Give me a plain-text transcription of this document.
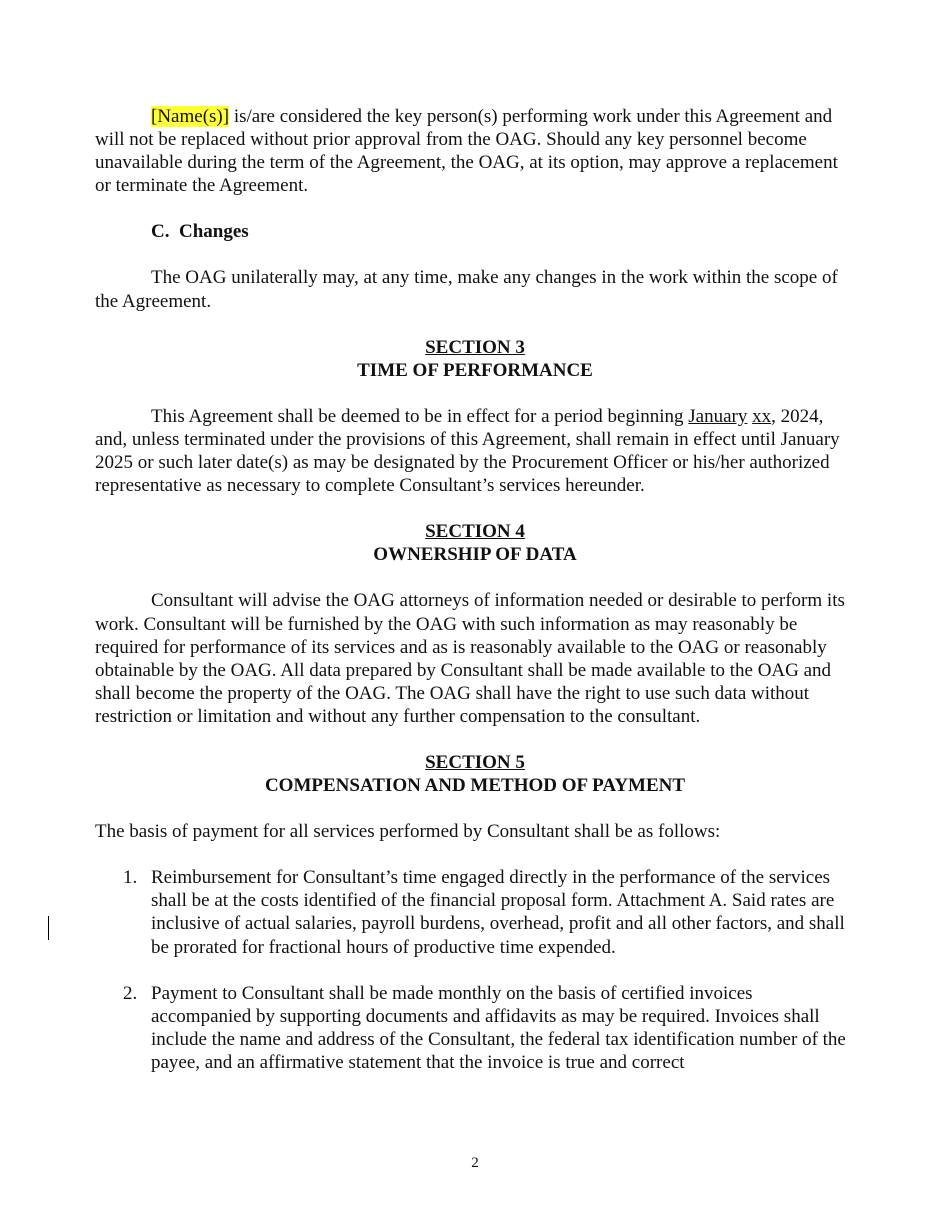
[Name(s)] is/are considered the key person(s) performing work under this Agreement and will not be replaced without prior approval from the OAG. Should any key personnel become unavailable during the term of the Agreement, the OAG, at its option, may approve a replacement or terminate the Agreement.

C. Changes

The OAG unilaterally may, at any time, make any changes in the work within the scope of the Agreement.

SECTION 3
TIME OF PERFORMANCE

This Agreement shall be deemed to be in effect for a period beginning January xx, 2024, and, unless terminated under the provisions of this Agreement, shall remain in effect until January 2025 or such later date(s) as may be designated by the Procurement Officer or his/her authorized representative as necessary to complete Consultant’s services hereunder.

SECTION 4
OWNERSHIP OF DATA

Consultant will advise the OAG attorneys of information needed or desirable to perform its work. Consultant will be furnished by the OAG with such information as may reasonably be required for performance of its services and as is reasonably available to the OAG or reasonably obtainable by the OAG. All data prepared by Consultant shall be made available to the OAG and shall become the property of the OAG. The OAG shall have the right to use such data without restriction or limitation and without any further compensation to the consultant.

SECTION 5
COMPENSATION AND METHOD OF PAYMENT

The basis of payment for all services performed by Consultant shall be as follows:

1. Reimbursement for Consultant’s time engaged directly in the performance of the services shall be at the costs identified of the financial proposal form. Attachment A. Said rates are inclusive of actual salaries, payroll burdens, overhead, profit and all other factors, and shall be prorated for fractional hours of productive time expended.
2. Payment to Consultant shall be made monthly on the basis of certified invoices accompanied by supporting documents and affidavits as may be required. Invoices shall include the name and address of the Consultant, the federal tax identification number of the payee, and an affirmative statement that the invoice is true and correct
2
